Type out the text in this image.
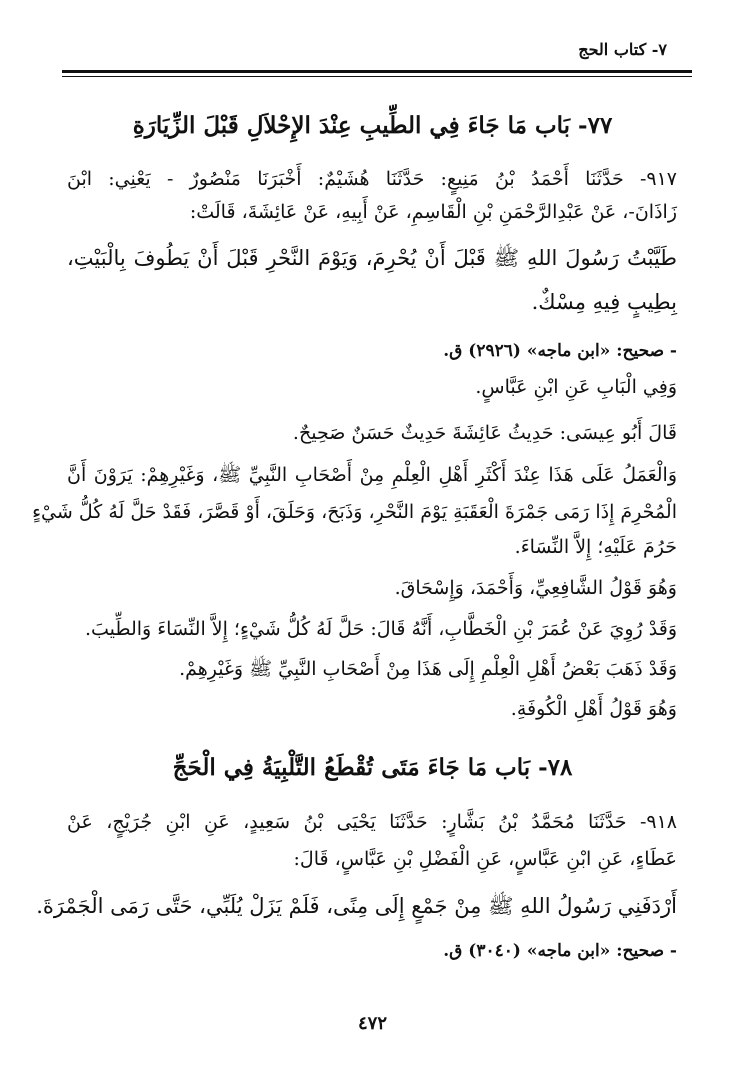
٧- كتاب الحج
٧٧- بَاب مَا جَاءَ فِي الطِّيبِ عِنْدَ الإِحْلاَلِ قَبْلَ الزِّيَارَةِ
٩١٧- حَدَّثَنَا أَحْمَدُ بْنُ مَنِيعٍ: حَدَّثَنَا هُشَيْمٌ: أَخْبَرَنَا مَنْصُورٌ - يَعْنِي: ابْنَ
زَاذَانَ-، عَنْ عَبْدِالرَّحْمَنِ بْنِ الْقَاسِمِ، عَنْ أَبِيهِ، عَنْ عَائِشَةَ، قَالَتْ:
طَيَّبْتُ رَسُولَ اللهِ ﷺ قَبْلَ أَنْ يُحْرِمَ، وَيَوْمَ النَّحْرِ قَبْلَ أَنْ يَطُوفَ بِالْبَيْتِ،
بِطِيبٍ فِيهِ مِسْكٌ.
- صحيح: «ابن ماجه» (٢٩٢٦) ق.
وَفِي الْبَابِ عَنِ ابْنِ عَبَّاسٍ.
قَالَ أَبُو عِيسَى: حَدِيثُ عَائِشَةَ حَدِيثٌ حَسَنٌ صَحِيحٌ.
وَالْعَمَلُ عَلَى هَذَا عِنْدَ أَكْثَرِ أَهْلِ الْعِلْمِ مِنْ أَصْحَابِ النَّبِيِّ ﷺ، وَغَيْرِهِمْ: يَرَوْنَ أَنَّ
الْمُحْرِمَ إِذَا رَمَى جَمْرَةَ الْعَقَبَةِ يَوْمَ النَّحْرِ، وَذَبَحَ، وَحَلَقَ، أَوْ قَصَّرَ، فَقَدْ حَلَّ لَهُ كُلُّ شَيْءٍ
حَرُمَ عَلَيْهِ؛ إِلاَّ النِّسَاءَ.
وَهُوَ قَوْلُ الشَّافِعِيِّ، وَأَحْمَدَ، وَإِسْحَاقَ.
وَقَدْ رُوِيَ عَنْ عُمَرَ بْنِ الْخَطَّابِ، أَنَّهُ قَالَ: حَلَّ لَهُ كُلُّ شَيْءٍ؛ إِلاَّ النِّسَاءَ وَالطِّيبَ.
وَقَدْ ذَهَبَ بَعْضُ أَهْلِ الْعِلْمِ إِلَى هَذَا مِنْ أَصْحَابِ النَّبِيِّ ﷺ وَغَيْرِهِمْ.
وَهُوَ قَوْلُ أَهْلِ الْكُوفَةِ.
٧٨- بَاب مَا جَاءَ مَتَى تُقْطَعُ التَّلْبِيَةُ فِي الْحَجِّ
٩١٨- حَدَّثَنَا مُحَمَّدُ بْنُ بَشَّارٍ: حَدَّثَنَا يَحْيَى بْنُ سَعِيدٍ، عَنِ ابْنِ جُرَيْجٍ، عَنْ
عَطَاءٍ، عَنِ ابْنِ عَبَّاسٍ، عَنِ الْفَضْلِ بْنِ عَبَّاسٍ، قَالَ:
أَرْدَفَنِي رَسُولُ اللهِ ﷺ مِنْ جَمْعٍ إِلَى مِنًى، فَلَمْ يَزَلْ يُلَبِّي، حَتَّى رَمَى الْجَمْرَةَ.
- صحيح: «ابن ماجه» (٣٠٤٠) ق.
٤٧٢
